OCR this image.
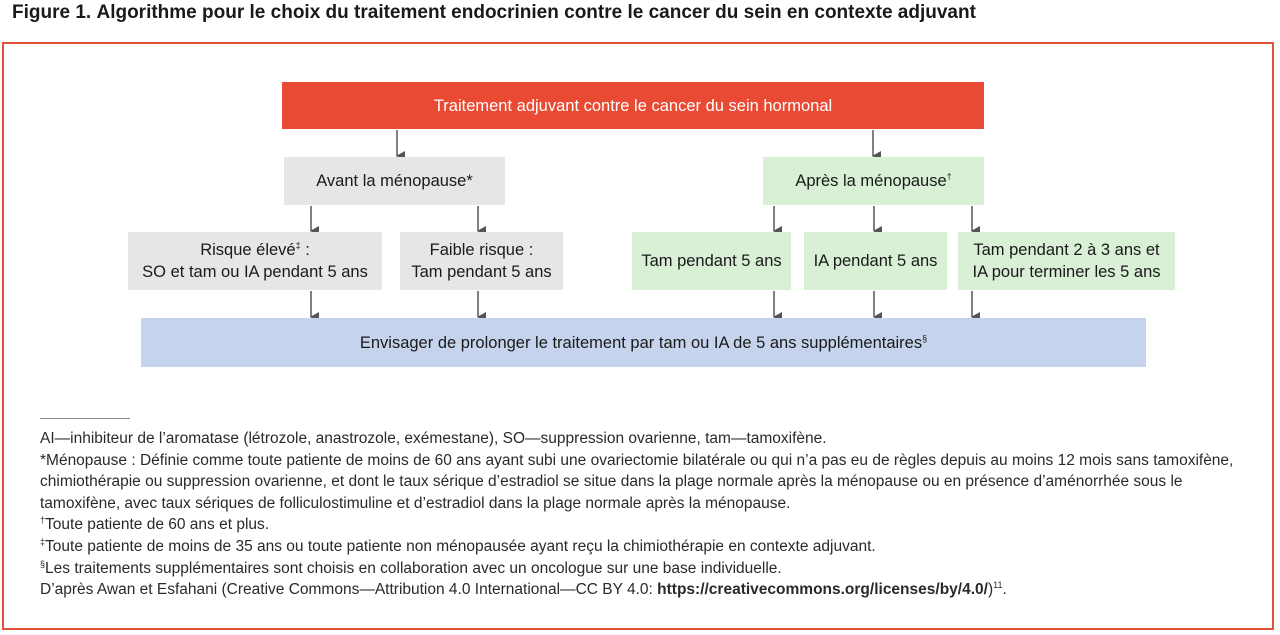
Figure 1. Algorithme pour le choix du traitement endocrinien contre le cancer du sein en contexte adjuvant
Traitement adjuvant contre le cancer du sein hormonal
Avant la ménopause*	Après la ménopause†
Risque élevé‡ :
SO et tam ou IA pendant 5 ans
Faible risque :
Tam pendant 5 ans
Tam pendant 5 ans IA pendant 5 ans
Tam pendant 2 à 3 ans et
IA pour terminer les 5 ans
Envisager de prolonger le traitement par tam ou IA de 5 ans supplémentaires§

AI—inhibiteur de l’aromatase (létrozole, anastrozole, exémestane), SO—suppression ovarienne, tam—tamoxifène.

*Ménopause : Définie comme toute patiente de moins de 60 ans ayant subi une ovariectomie bilatérale ou qui n’a pas eu de règles depuis au moins 12 mois sans tamoxifène, chimiothérapie ou suppression ovarienne, et dont le taux sérique d’estradiol se situe dans la plage normale après la ménopause ou en présence d’aménorrhée sous le tamoxifène, avec taux sériques de folliculostimuline et d’estradiol dans la plage normale après la ménopause.

†Toute patiente de 60 ans et plus.

‡Toute patiente de moins de 35 ans ou toute patiente non ménopausée ayant reçu la chimiothérapie en contexte adjuvant.

§Les traitements supplémentaires sont choisis en collaboration avec un oncologue sur une base individuelle.

D’après Awan et Esfahani (Creative Commons—Attribution 4.0 International—CC BY 4.0: https://creativecommons.org/licenses/by/4.0/)$^{11}$.
